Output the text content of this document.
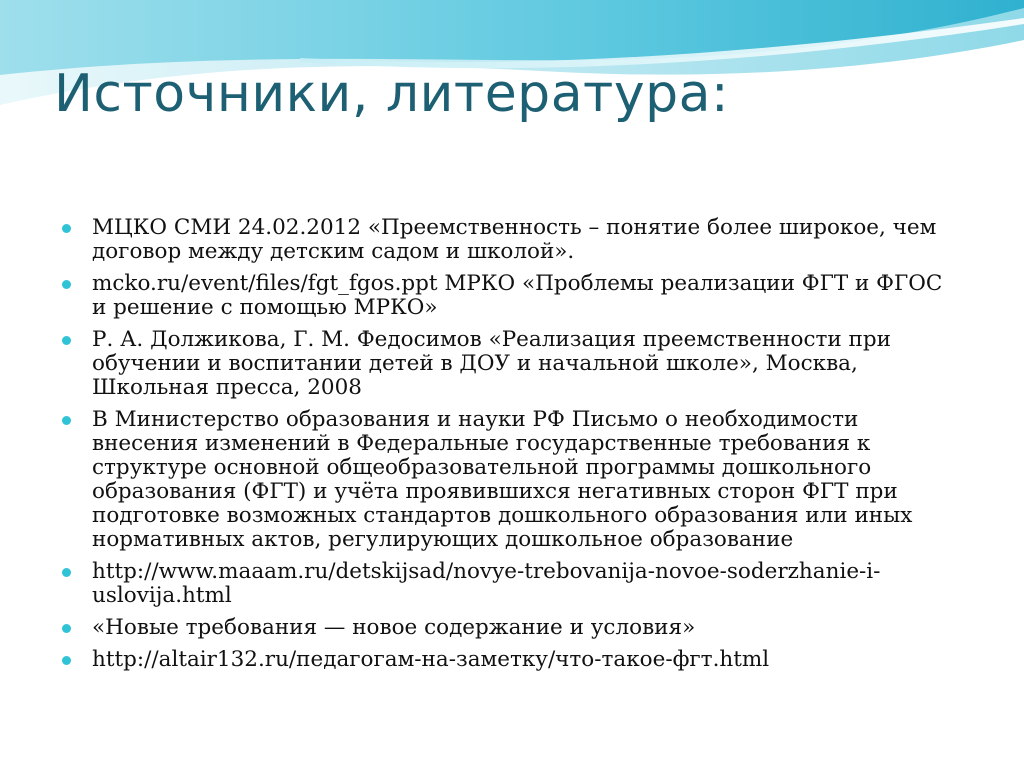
Источники, литература:
МЦКО СМИ 24.02.2012 «Преемственность – понятие более широкое, чем договор между детским садом и школой».
mcko.ru/event/files/fgt_fgos.ppt МРКО «Проблемы реализации ФГТ и ФГОС и решение с помощью МРКО»
Р. А. Должикова, Г. М. Федосимов «Реализация преемственности при обучении и воспитании детей в ДОУ и начальной школе», Москва, Школьная пресса, 2008
В Министерство образования и науки РФ Письмо о необходимости внесения изменений в Федеральные государственные требования к структуре основной общеобразовательной программы дошкольного образования (ФГТ) и учёта проявившихся негативных сторон ФГТ при подготовке возможных стандартов дошкольного образования или иных нормативных актов, регулирующих дошкольное образование
http://www.maaam.ru/detskijsad/novye-trebovanija-novoe-soderzhanie-i-uslovija.html
«Новые требования — новое содержание и условия»
http://altair132.ru/педагогам-на-заметку/что-такое-фгт.html
